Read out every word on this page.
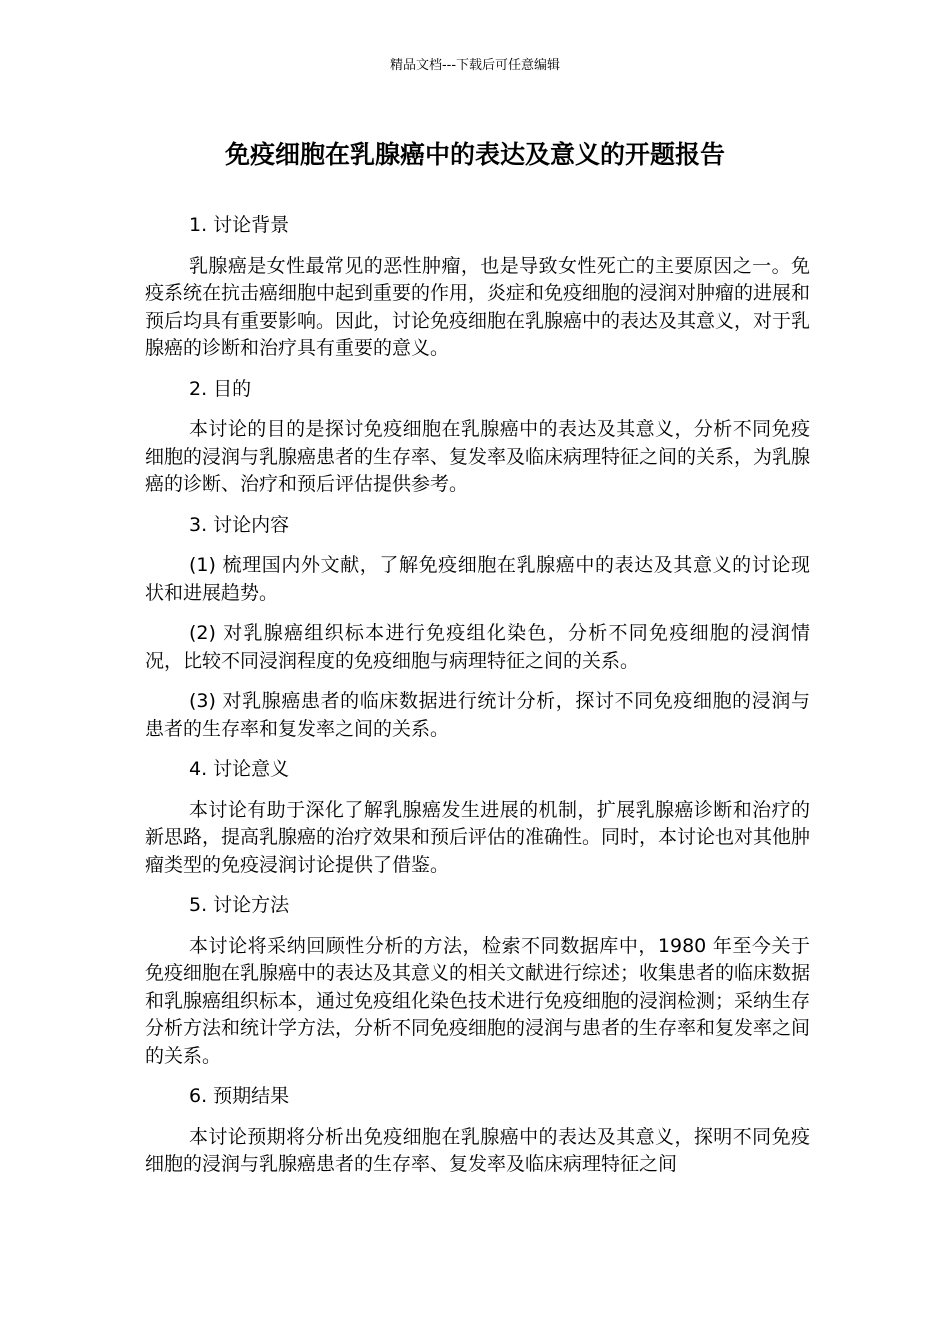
精品文档---下载后可任意编辑
免疫细胞在乳腺癌中的表达及意义的开题报告

1. 讨论背景

乳腺癌是女性最常见的恶性肿瘤，也是导致女性死亡的主要原因之一。免疫系统在抗击癌细胞中起到重要的作用，炎症和免疫细胞的浸润对肿瘤的进展和预后均具有重要影响。因此，讨论免疫细胞在乳腺癌中的表达及其意义，对于乳腺癌的诊断和治疗具有重要的意义。

2. 目的

本讨论的目的是探讨免疫细胞在乳腺癌中的表达及其意义，分析不同免疫细胞的浸润与乳腺癌患者的生存率、复发率及临床病理特征之间的关系，为乳腺癌的诊断、治疗和预后评估提供参考。

3. 讨论内容

(1) 梳理国内外文献，了解免疫细胞在乳腺癌中的表达及其意义的讨论现状和进展趋势。

(2) 对乳腺癌组织标本进行免疫组化染色，分析不同免疫细胞的浸润情况，比较不同浸润程度的免疫细胞与病理特征之间的关系。

(3) 对乳腺癌患者的临床数据进行统计分析，探讨不同免疫细胞的浸润与患者的生存率和复发率之间的关系。

4. 讨论意义

本讨论有助于深化了解乳腺癌发生进展的机制，扩展乳腺癌诊断和治疗的新思路，提高乳腺癌的治疗效果和预后评估的准确性。同时，本讨论也对其他肿瘤类型的免疫浸润讨论提供了借鉴。

5. 讨论方法

本讨论将采纳回顾性分析的方法，检索不同数据库中，1980 年至今关于免疫细胞在乳腺癌中的表达及其意义的相关文献进行综述；收集患者的临床数据和乳腺癌组织标本，通过免疫组化染色技术进行免疫细胞的浸润检测；采纳生存分析方法和统计学方法，分析不同免疫细胞的浸润与患者的生存率和复发率之间的关系。

6. 预期结果

本讨论预期将分析出免疫细胞在乳腺癌中的表达及其意义，探明不同免疫细胞的浸润与乳腺癌患者的生存率、复发率及临床病理特征之间
